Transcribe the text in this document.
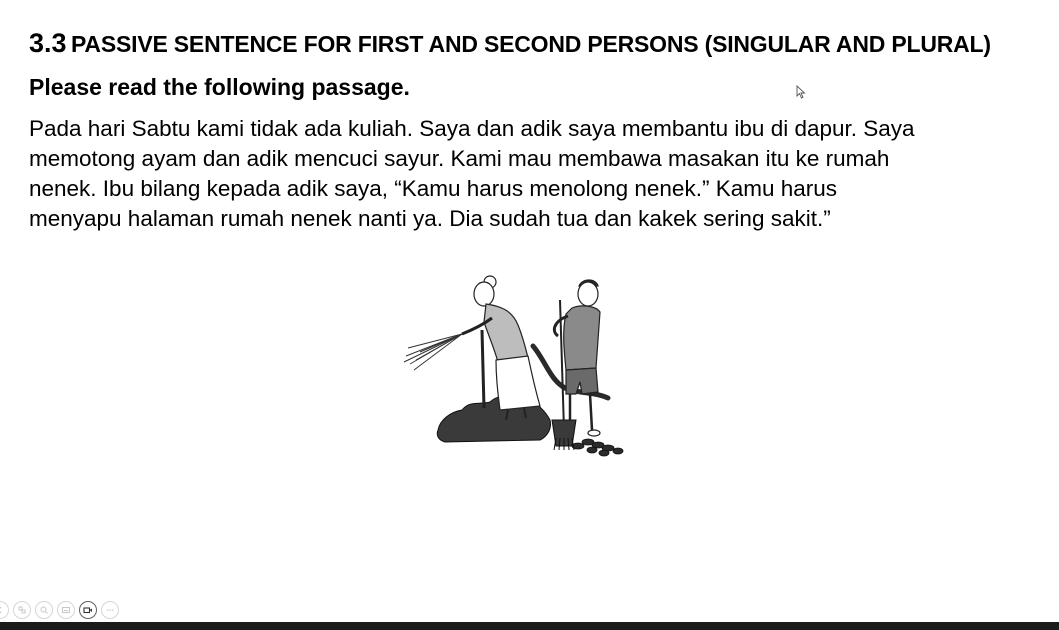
3.3 PASSIVE SENTENCE FOR FIRST AND SECOND PERSONS (SINGULAR AND PLURAL)
Please read the following passage.
Pada hari Sabtu kami tidak ada kuliah. Saya dan adik saya membantu ibu di dapur. Saya
memotong ayam dan adik mencuci sayur. Kami mau membawa masakan itu ke rumah
nenek. Ibu bilang kepada adik saya, “Kamu harus menolong nenek.” Kamu harus
menyapu halaman rumah nenek nanti ya. Dia sudah tua dan kakek sering sakit.”
